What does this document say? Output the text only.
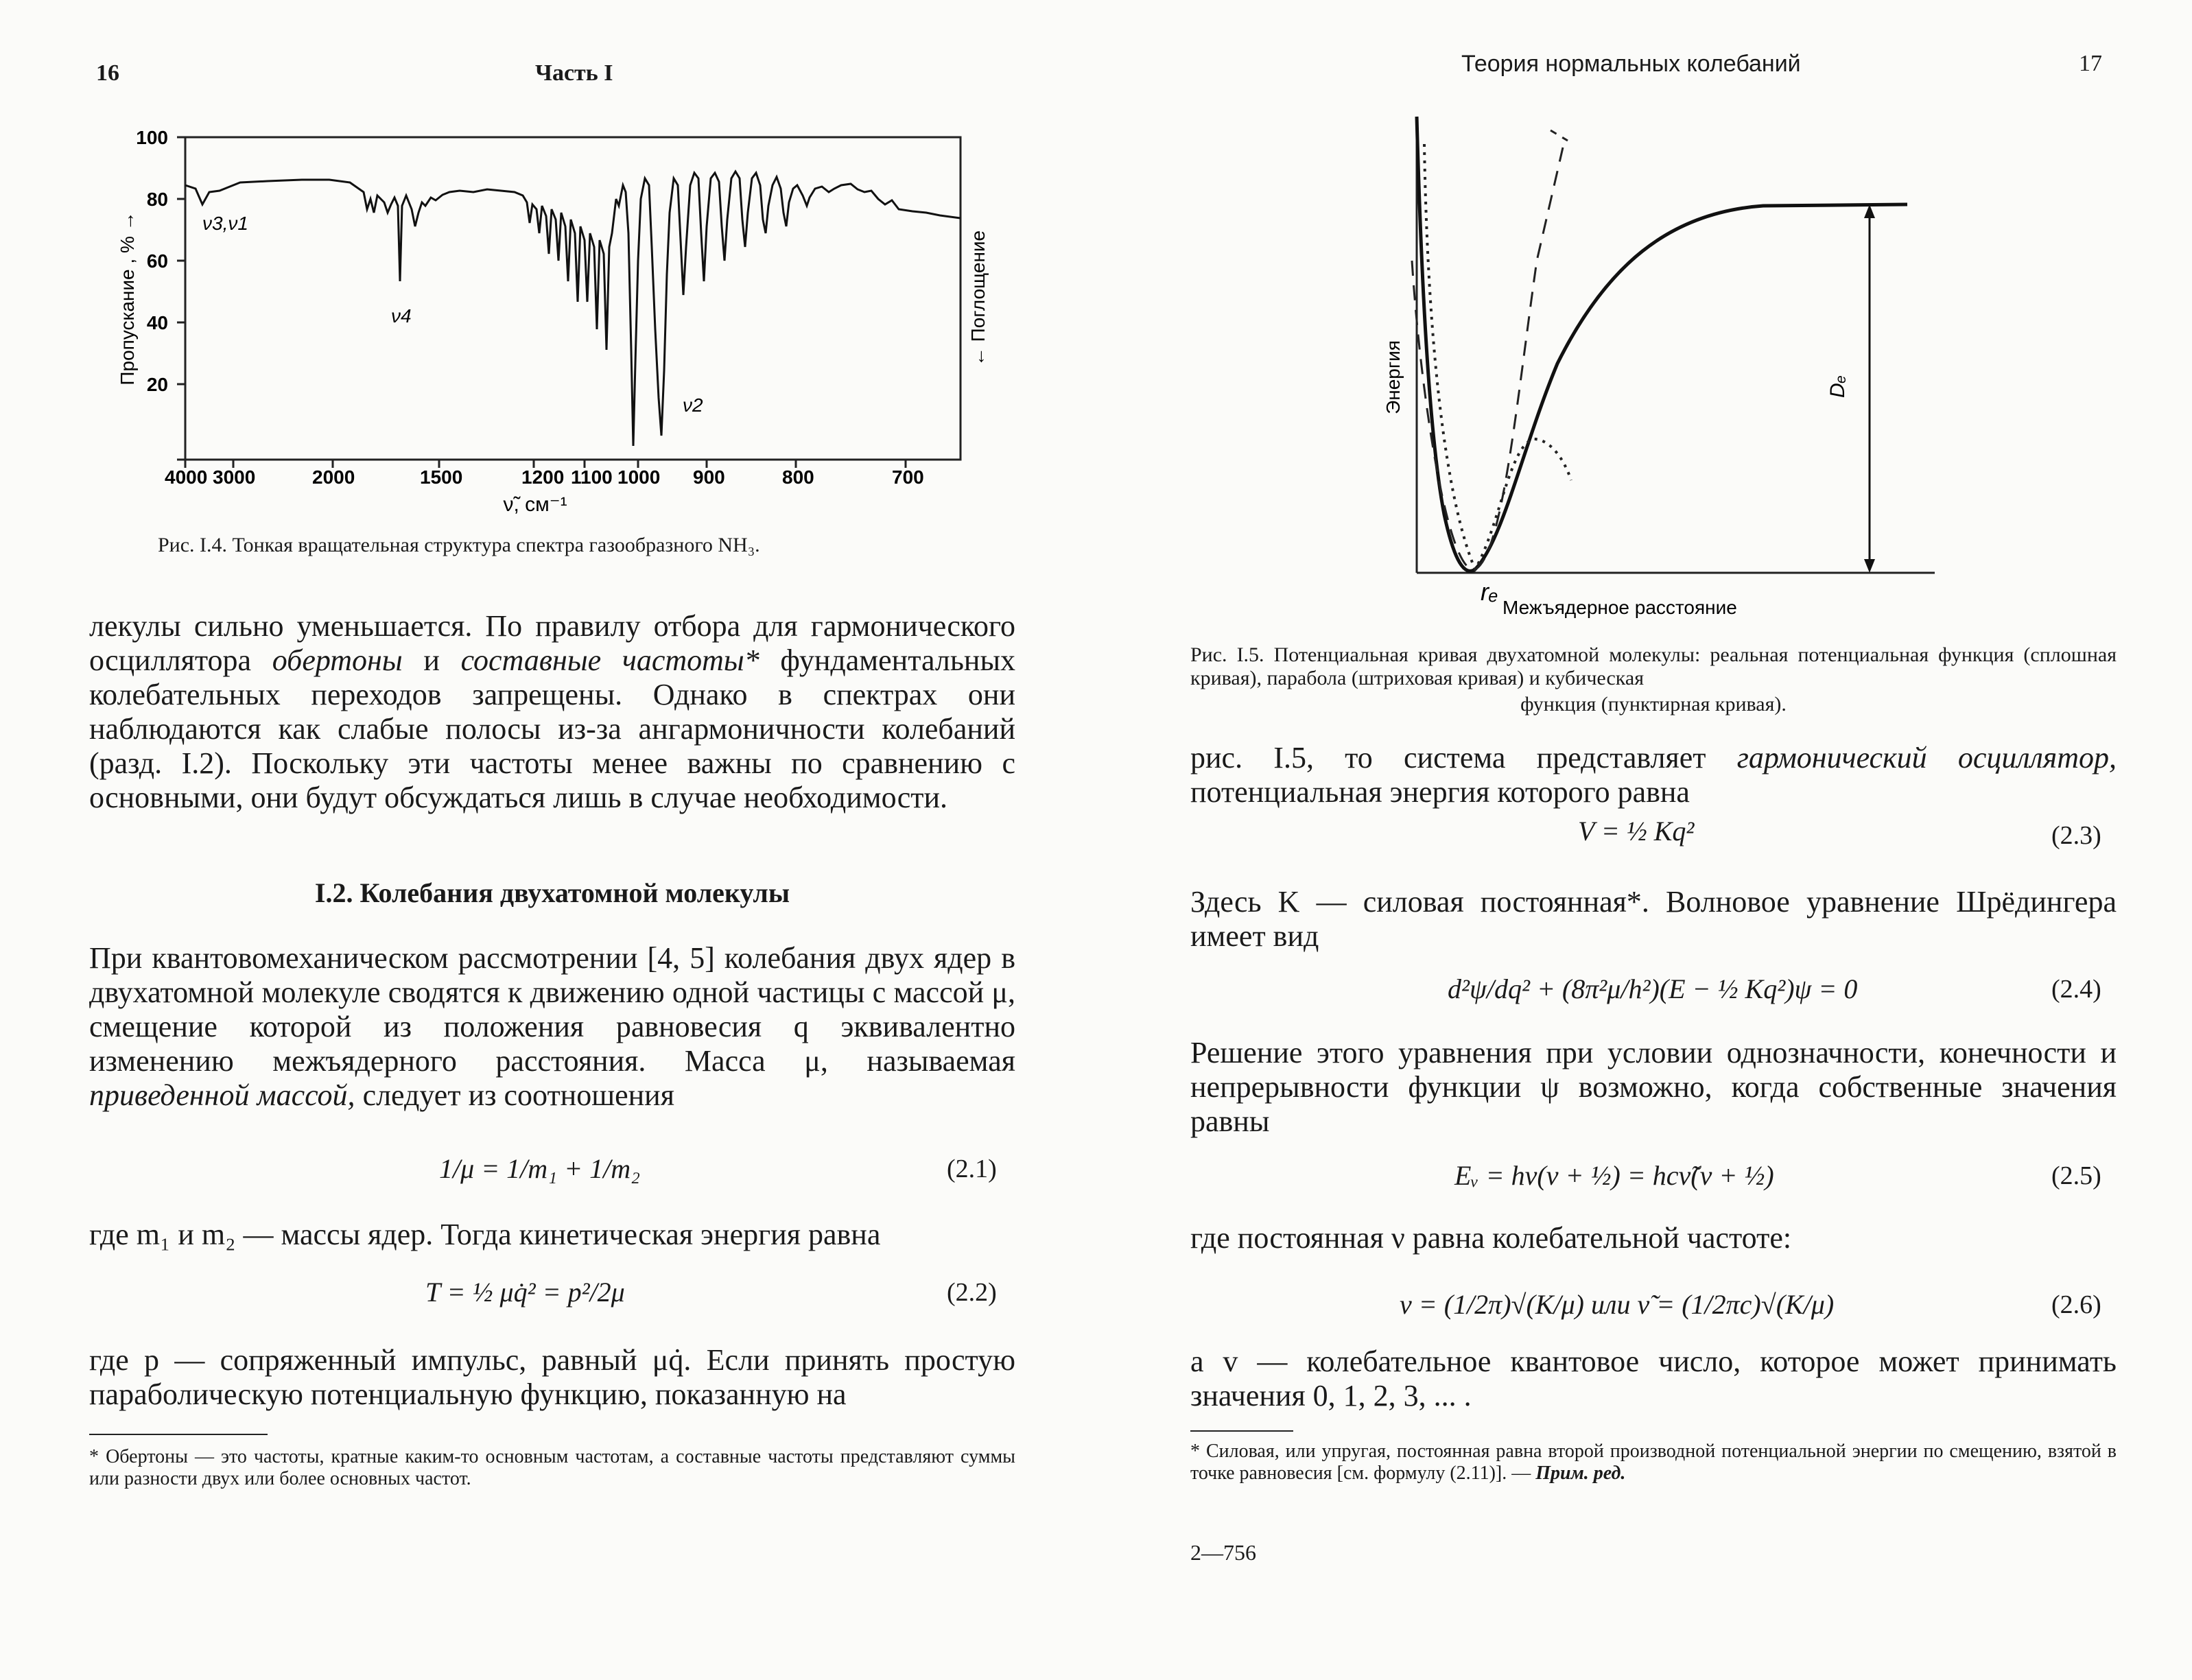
16	Часть I
100
80
60
40
20
4000 3000	2000	1500	1200 1100 1000 900	800	700
ν3,ν1
ν4
ν2
Пропускание , % →	← Поглощение
ν̃, см⁻¹
Рис. I.4. Тонкая вращательная структура спектра газообразного NH₃.

лекулы сильно уменьшается. По правилу отбора для гармонического осциллятора обертоны и составные частоты* фундаментальных колебательных переходов запрещены. Однако в спектрах они наблюдаются как слабые полосы из-за ангармоничности колебаний (разд. I.2). Поскольку эти частоты менее важны по сравнению с основными, они будут обсуждаться лишь в случае необходимости.

I.2. Колебания двухатомной молекулы

При квантовомеханическом рассмотрении [4, 5] колебания двух ядер в двухатомной молекуле сводятся к движению одной частицы с массой μ, смещение которой из положения равновесия q эквивалентно изменению межъядерного расстояния. Масса μ, называемая приведенной массой, следует из соотношения

1/μ = 1/m₁ + 1/m₂	(2.1)
где m₁ и m₂ — массы ядер. Тогда кинетическая энергия равна
T = ½ μq̇² = p²/2μ	(2.2)
где p — сопряженный импульс, равный μq̇. Если принять простую параболическую потенциальную функцию, показанную на
* Обертоны — это частоты, кратные каким-то основным частотам, а составные частоты представляют суммы или разности двух или более основных частот.
Теория нормальных колебаний	17
Dₑ
Энергия
rₑ
Межъядерное расстояние
Рис. I.5. Потенциальная кривая двухатомной молекулы: реальная потенциальная функция (сплошная кривая), парабола (штриховая кривая) и кубическая
функция (пунктирная кривая).

рис. I.5, то система представляет гармонический осциллятор, потенциальная энергия которого равна

V = ½ Kq²	(2.3)
Здесь K — силовая постоянная*. Волновое уравнение Шрёдингера имеет вид
d²ψ/dq² + (8π²μ/h²)(E − ½ Kq²)ψ = 0	(2.4)
Решение этого уравнения при условии однозначности, конечности и непрерывности функции ψ возможно, когда собственные значения равны
Eᵥ = hν(v + ½) = hcν̃(v + ½)	(2.5)
где постоянная ν равна колебательной частоте:
ν = (1/2π)√(K/μ) или ν̃ = (1/2πc)√(K/μ)	(2.6)
а v — колебательное квантовое число, которое может принимать значения 0, 1, 2, 3, ... .
* Силовая, или упругая, постоянная равна второй производной потенциальной энергии по смещению, взятой в точке равновесия [см. формулу (2.11)]. — Прим. ред.
2—756
